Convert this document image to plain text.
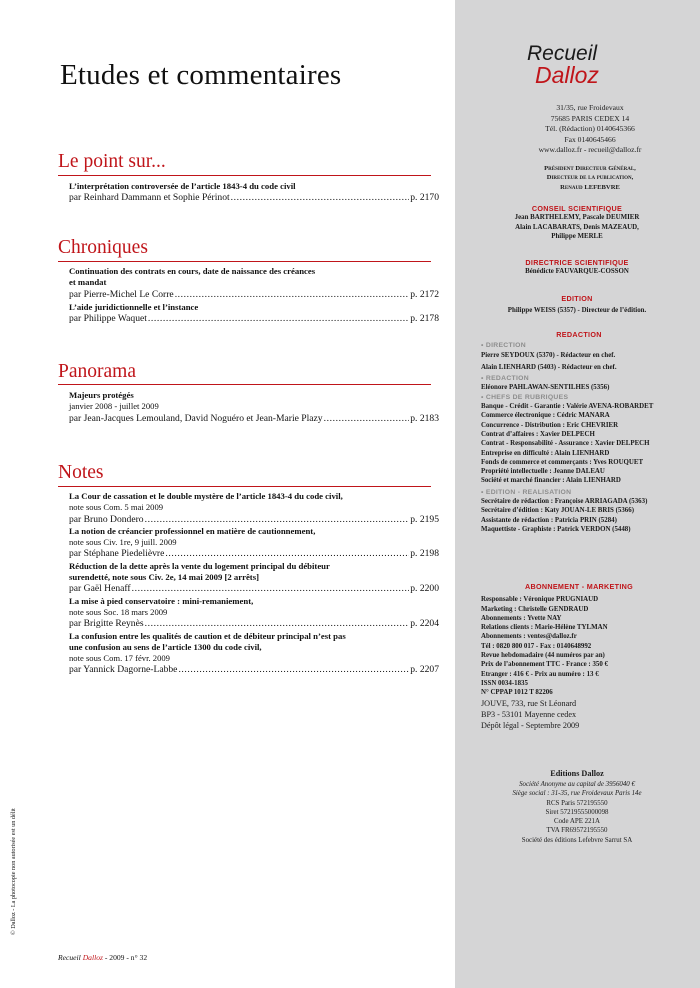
Etudes et commentaires
Le point sur...
L’interprétation controversée de l’article 1843-4 du code civil
par Reinhard Dammann et Sophie Périnot .....	p. 2170
Chroniques
Continuation des contrats en cours, date de naissance des créances
et mandat
par Pierre-Michel Le Corre .....	p. 2172
L’aide juridictionnelle et l’instance
par Philippe Waquet .....	p. 2178
Panorama
Majeurs protégés
janvier 2008 - juillet 2009
par Jean-Jacques Lemouland, David Noguéro et Jean-Marie Plazy .....	p. 2183
Notes
La Cour de cassation et le double mystère de l’article 1843-4 du code civil,
note sous Com. 5 mai 2009
par Bruno Dondero .....	p. 2195
La notion de créancier professionnel en matière de cautionnement,
note sous Civ. 1re, 9 juill. 2009
par Stéphane Piedelièvre .....	p. 2198
Réduction de la dette après la vente du logement principal du débiteur
surendetté, note sous Civ. 2e, 14 mai 2009 [2 arrêts]
par Gaël Henaff .....	p. 2200
La mise à pied conservatoire : mini-remaniement,
note sous Soc. 18 mars 2009
par Brigitte Reynès .....	p. 2204
La confusion entre les qualités de caution et de débiteur principal n’est pas
une confusion au sens de l’article 1300 du code civil,
note sous Com. 17 févr. 2009
par Yannick Dagorne-Labbe .....	p. 2207
© Dalloz - La photocopie non autorisée est un délit
Recueil Dalloz - 2009 - n° 32
Recueil
Dalloz
31/35, rue Froidevaux
75685 PARIS CEDEX 14
Tél. (Rédaction) 0140645366
Fax 0140645466
www.dalloz.fr - recueil@dalloz.fr
Président Directeur Général,
Directeur de la publication,
Renaud LEFEBVRE
CONSEIL SCIENTIFIQUE
Jean BARTHELEMY, Pascale DEUMIER
Alain LACABARATS, Denis MAZEAUD,
Philippe MERLE
DIRECTRICE SCIENTIFIQUE
Bénédicte FAUVARQUE-COSSON
EDITION
Philippe WEISS (5357) - Directeur de l’édition.
REDACTION
• DIRECTION
Pierre SEYDOUX (5370) - Rédacteur en chef.
Alain LIENHARD (5403) - Rédacteur en chef.
• REDACTION
Eléonore PAHLAWAN-SENTILHES (5356)
• CHEFS DE RUBRIQUES
Banque - Crédit - Garantie : Valérie AVENA-ROBARDET
Commerce électronique : Cédric MANARA
Concurrence - Distribution : Eric CHEVRIER
Contrat d’affaires : Xavier DELPECH
Contrat - Responsabilité - Assurance : Xavier DELPECH
Entreprise en difficulté : Alain LIENHARD
Fonds de commerce et commerçants : Yves ROUQUET
Propriété intellectuelle : Jeanne DALEAU
Société et marché financier : Alain LIENHARD
• EDITION - REALISATION
Secrétaire de rédaction : Françoise ARRIAGADA (5363)
Secrétaire d’édition : Katy JOUAN-LE BRIS (5366)
Assistante de rédaction : Patricia PRIN (5284)
Maquettiste - Graphiste : Patrick VERDON (5448)
ABONNEMENT - MARKETING
Responsable : Véronique PRUGNIAUD
Marketing : Christelle GENDRAUD
Abonnements : Yvette NAY
Relations clients : Marie-Hélène TYLMAN
Abonnements : ventes@dalloz.fr
Tél : 0820 800 017 - Fax : 0140648992
Revue hebdomadaire (44 numéros par an)
Prix de l’abonnement TTC - France : 350 €
Etranger : 416 € - Prix au numéro : 13 €
ISSN 0034-1835
N° CPPAP 1012 T 82206
JOUVE, 733, rue St Léonard
BP3 - 53101 Mayenne cedex
Dépôt légal - Septembre 2009
Editions Dalloz
Société Anonyme au capital de 3956040 €
Siège social : 31-35, rue Froidevaux Paris 14e
RCS Paris 572195550
Siret 57219555000098
Code APE 221A
TVA FR69572195550
Société des éditions Lefebvre Sarrut SA
